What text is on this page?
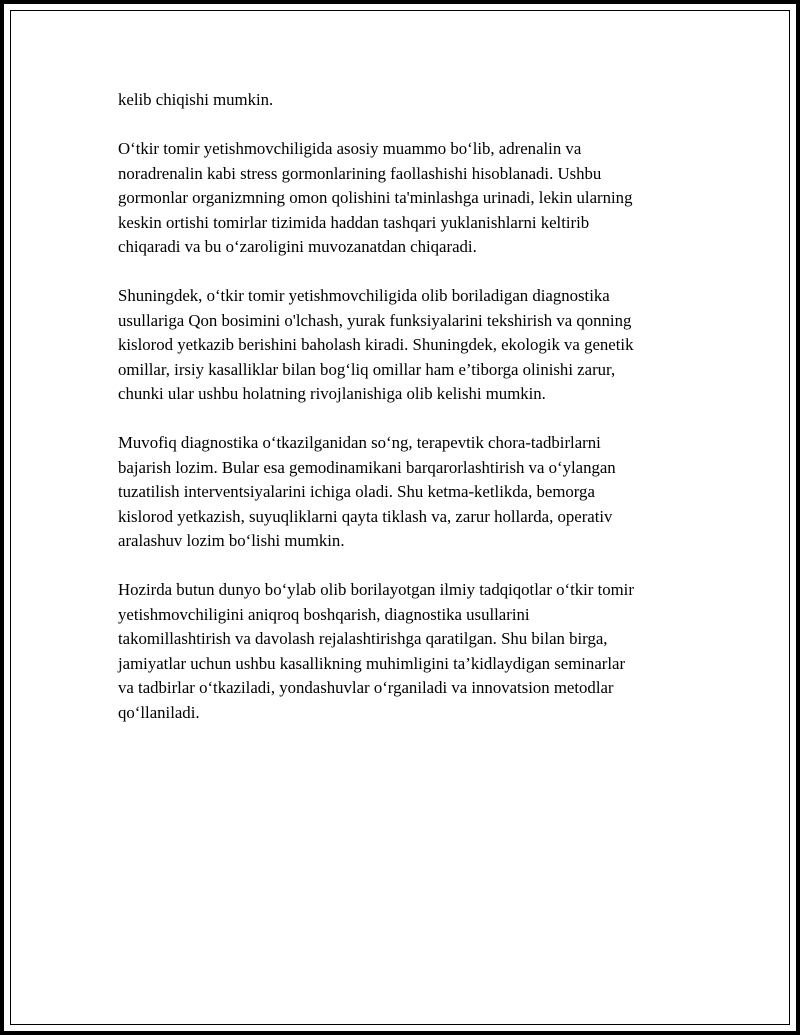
kelib chiqishi mumkin.

O‘tkir tomir yetishmovchiligida asosiy muammo bo‘lib, adrenalin va
noradrenalin kabi stress gormonlarining faollashishi hisoblanadi. Ushbu
gormonlar organizmning omon qolishini ta'minlashga urinadi, lekin ularning
keskin ortishi tomirlar tizimida haddan tashqari yuklanishlarni keltirib
chiqaradi va bu o‘zaroligini muvozanatdan chiqaradi.

Shuningdek, o‘tkir tomir yetishmovchiligida olib boriladigan diagnostika
usullariga Qon bosimini o'lchash, yurak funksiyalarini tekshirish va qonning
kislorod yetkazib berishini baholash kiradi. Shuningdek, ekologik va genetik
omillar, irsiy kasalliklar bilan bog‘liq omillar ham e’tiborga olinishi zarur,
chunki ular ushbu holatning rivojlanishiga olib kelishi mumkin.

Muvofiq diagnostika o‘tkazilganidan so‘ng, terapevtik chora-tadbirlarni
bajarish lozim. Bular esa gemodinamikani barqarorlashtirish va o‘ylangan
tuzatilish interventsiyalarini ichiga oladi. Shu ketma-ketlikda, bemorga
kislorod yetkazish, suyuqliklarni qayta tiklash va, zarur hollarda, operativ
aralashuv lozim bo‘lishi mumkin.

Hozirda butun dunyo bo‘ylab olib borilayotgan ilmiy tadqiqotlar o‘tkir tomir
yetishmovchiligini aniqroq boshqarish, diagnostika usullarini
takomillashtirish va davolash rejalashtirishga qaratilgan. Shu bilan birga,
jamiyatlar uchun ushbu kasallikning muhimligini ta’kidlaydigan seminarlar
va tadbirlar o‘tkaziladi, yondashuvlar o‘rganiladi va innovatsion metodlar
qo‘llaniladi.
